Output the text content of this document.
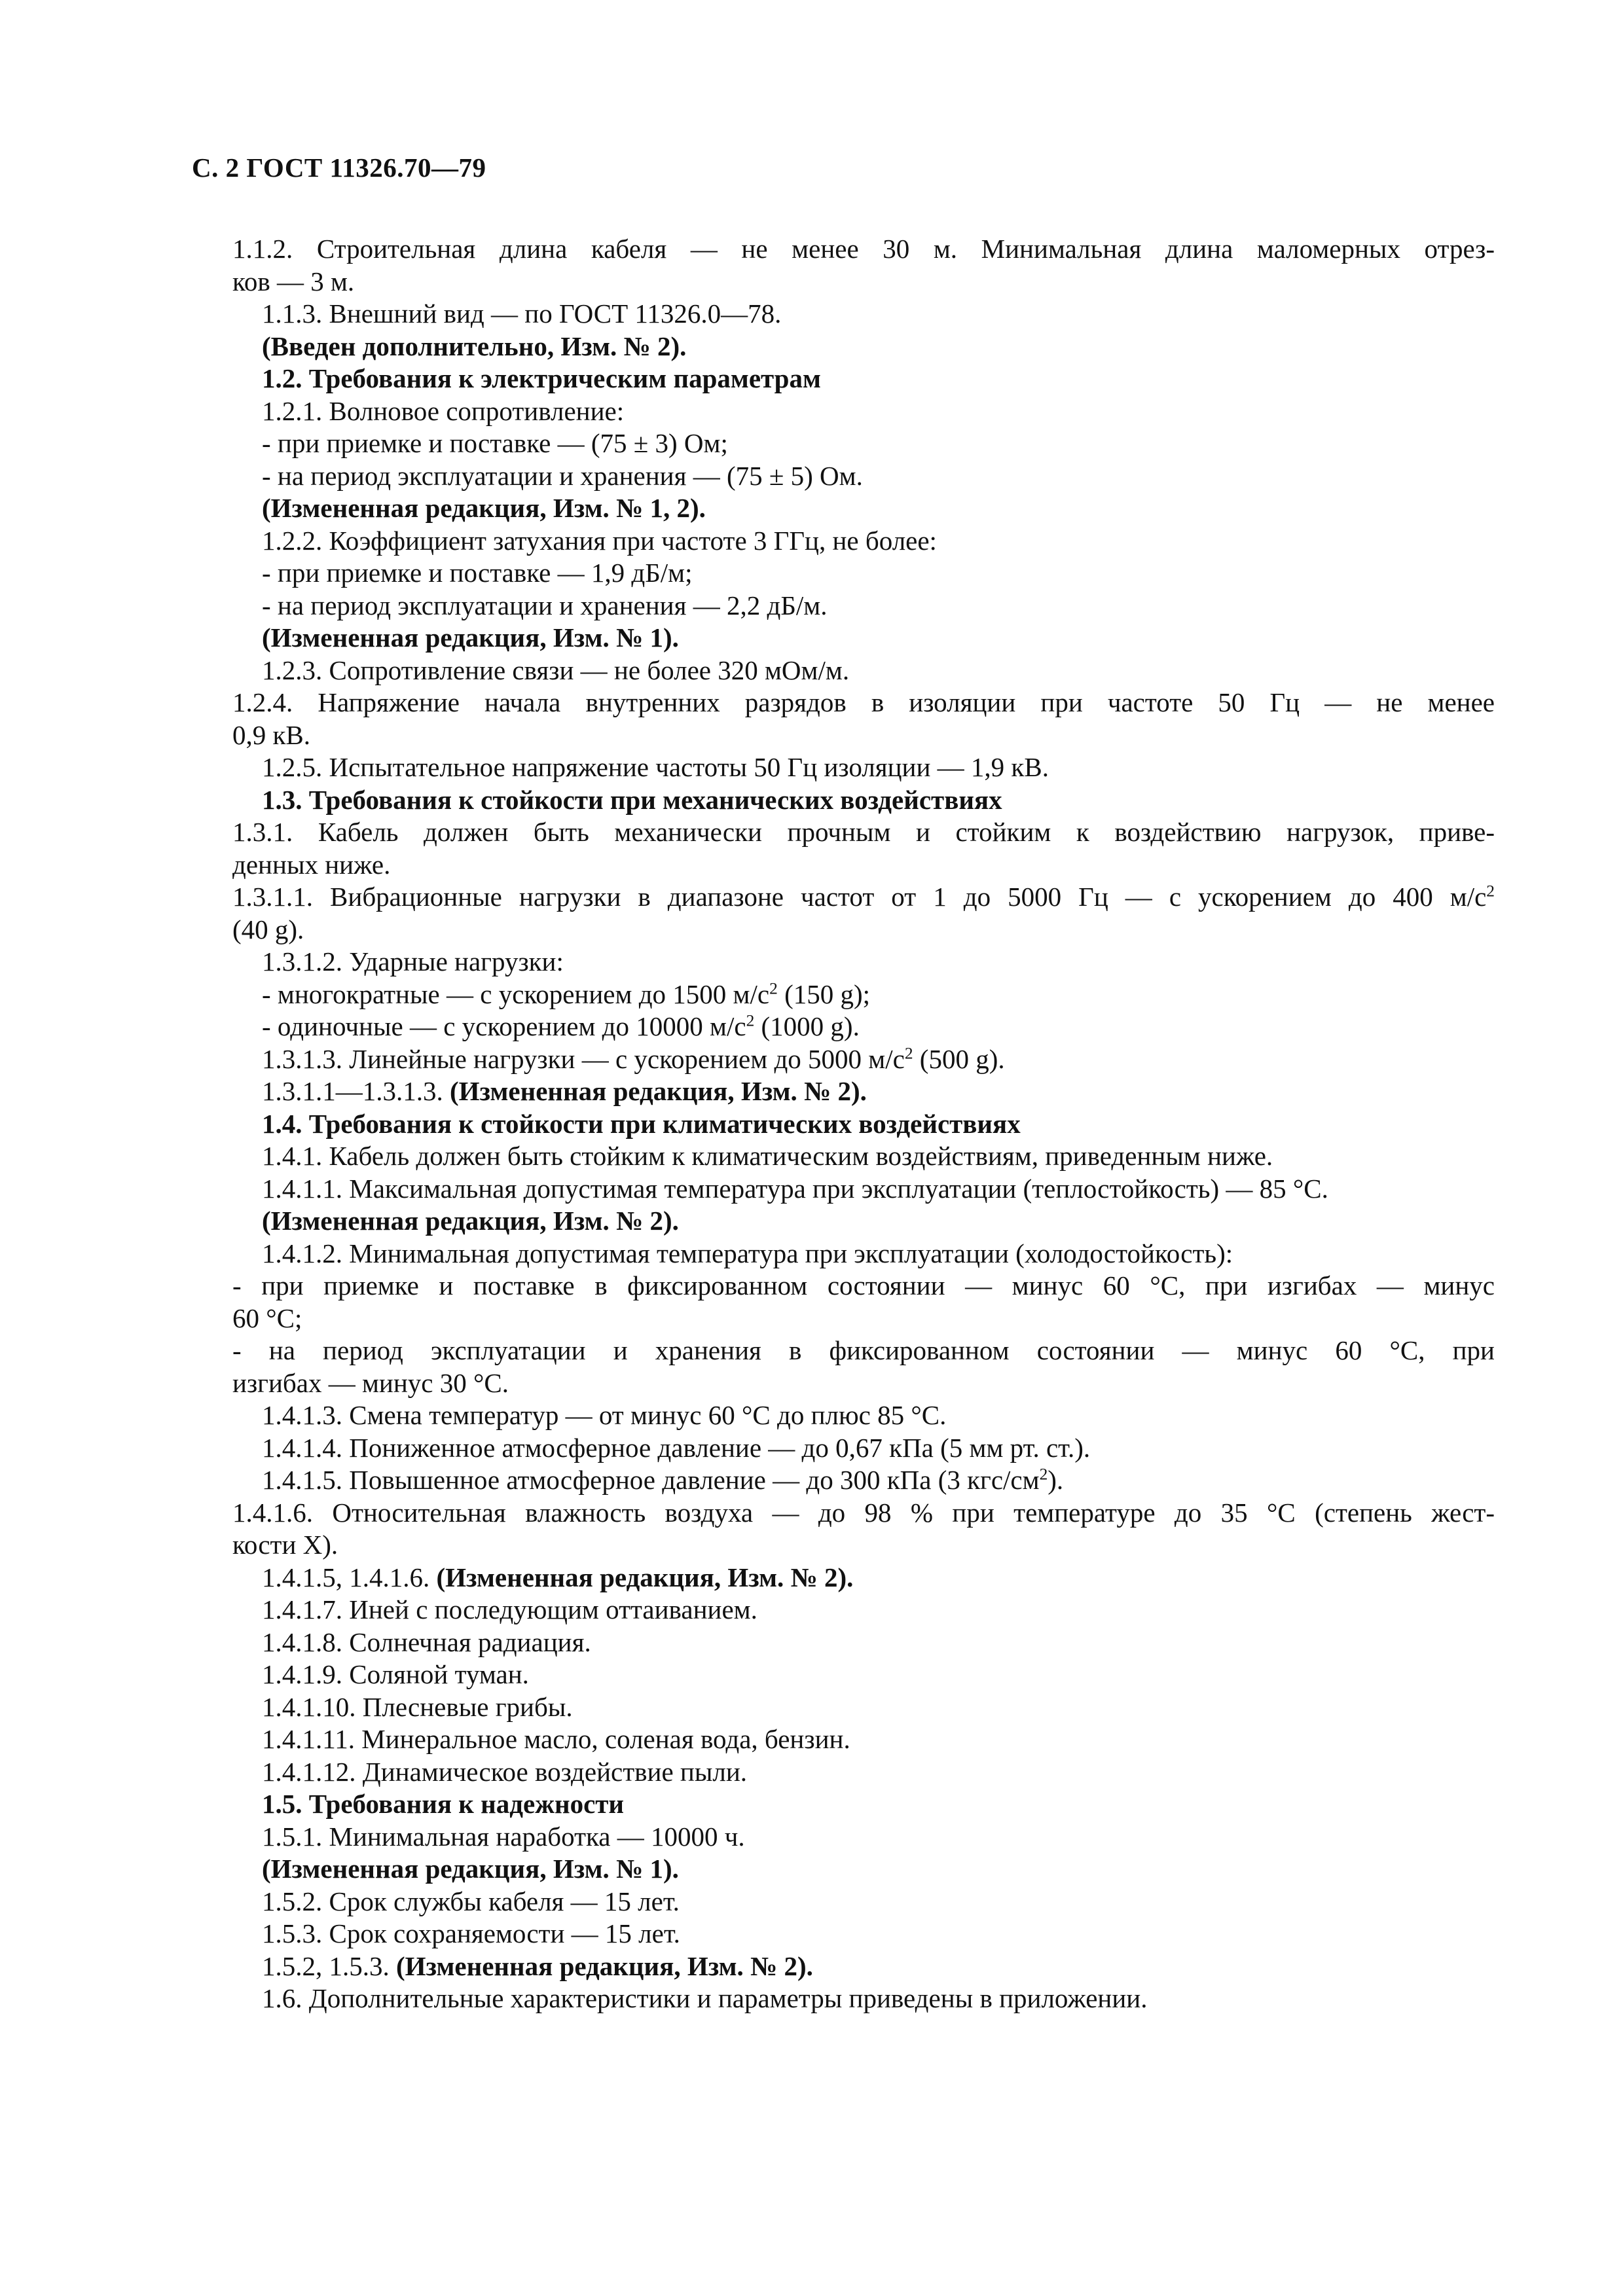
С. 2 ГОСТ 11326.70—79
1.1.2. Строительная длина кабеля — не менее 30 м. Минимальная длина маломерных отрез-
ков — 3 м.
1.1.3. Внешний вид — по ГОСТ 11326.0—78.
(Введен дополнительно, Изм. № 2).
1.2. Требования к электрическим параметрам
1.2.1. Волновое сопротивление:
- при приемке и поставке — (75 ± 3) Ом;
- на период эксплуатации и хранения — (75 ± 5) Ом.
(Измененная редакция, Изм. № 1, 2).
1.2.2. Коэффициент затухания при частоте 3 ГГц, не более:
- при приемке и поставке — 1,9 дБ/м;
- на период эксплуатации и хранения — 2,2 дБ/м.
(Измененная редакция, Изм. № 1).
1.2.3. Сопротивление связи — не более 320 мОм/м.
1.2.4. Напряжение начала внутренних разрядов в изоляции при частоте 50 Гц — не менее
0,9 кВ.
1.2.5. Испытательное напряжение частоты 50 Гц изоляции — 1,9 кВ.
1.3. Требования к стойкости при механических воздействиях
1.3.1. Кабель должен быть механически прочным и стойким к воздействию нагрузок, приве-
денных ниже.
1.3.1.1. Вибрационные нагрузки в диапазоне частот от 1 до 5000 Гц — с ускорением до 400 $м/с^2$
(40 g).
1.3.1.2. Ударные нагрузки:
- многократные — с ускорением до 1500 $м/с^2$ (150 g);
- одиночные — с ускорением до 10000 $м/с^2$ (1000 g).
1.3.1.3. Линейные нагрузки — с ускорением до 5000 $м/с^2$ (500 g).
1.3.1.1—1.3.1.3. (Измененная редакция, Изм. № 2).
1.4. Требования к стойкости при климатических воздействиях
1.4.1. Кабель должен быть стойким к климатическим воздействиям, приведенным ниже.
1.4.1.1. Максимальная допустимая температура при эксплуатации (теплостойкость) — 85 °С.
(Измененная редакция, Изм. № 2).
1.4.1.2. Минимальная допустимая температура при эксплуатации (холодостойкость):
- при приемке и поставке в фиксированном состоянии — минус 60 °С, при изгибах — минус
60 °С;
- на период эксплуатации и хранения в фиксированном состоянии — минус 60 °С, при
изгибах — минус 30 °С.
1.4.1.3. Смена температур — от минус 60 °С до плюс 85 °С.
1.4.1.4. Пониженное атмосферное давление — до 0,67 кПа (5 мм рт. ст.).
1.4.1.5. Повышенное атмосферное давление — до 300 кПа (3 кгс/$см^2$).
1.4.1.6. Относительная влажность воздуха — до 98 % при температуре до 35 °С (степень жест-
кости X).
1.4.1.5, 1.4.1.6. (Измененная редакция, Изм. № 2).
1.4.1.7. Иней с последующим оттаиванием.
1.4.1.8. Солнечная радиация.
1.4.1.9. Соляной туман.
1.4.1.10. Плесневые грибы.
1.4.1.11. Минеральное масло, соленая вода, бензин.
1.4.1.12. Динамическое воздействие пыли.
1.5. Требования к надежности
1.5.1. Минимальная наработка — 10000 ч.
(Измененная редакция, Изм. № 1).
1.5.2. Срок службы кабеля — 15 лет.
1.5.3. Срок сохраняемости — 15 лет.
1.5.2, 1.5.3. (Измененная редакция, Изм. № 2).
1.6. Дополнительные характеристики и параметры приведены в приложении.
